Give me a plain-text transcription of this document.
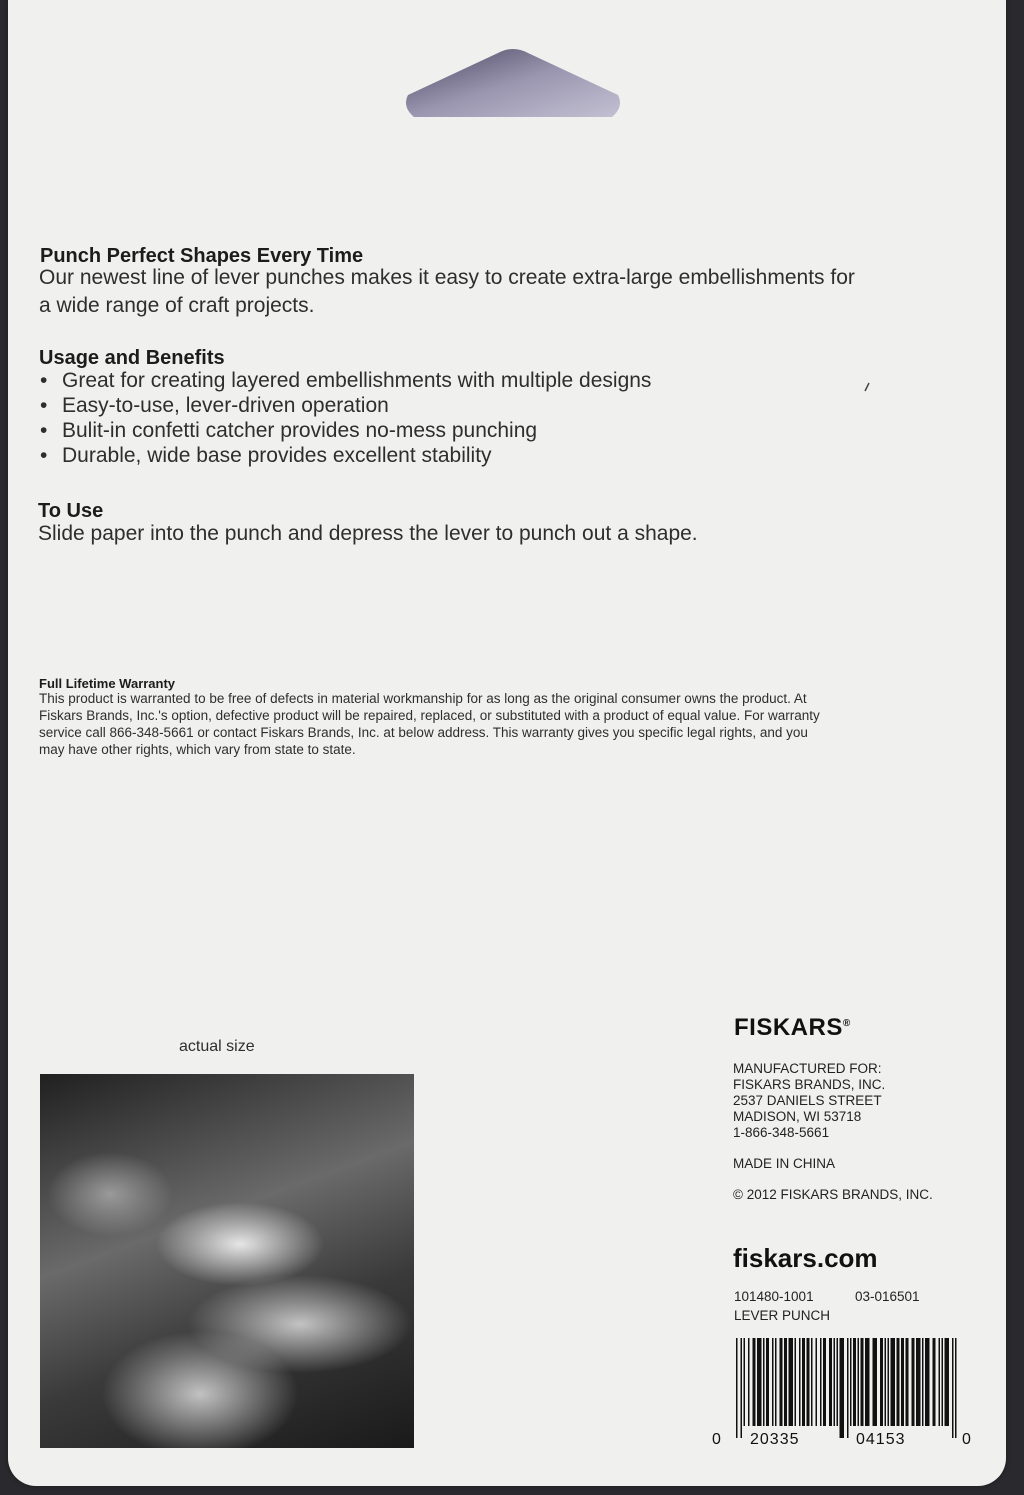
Punch Perfect Shapes Every Time
Our newest line of lever punches makes it easy to create extra-large embellishments for
a wide range of craft projects.
Usage and Benefits
• Great for creating layered embellishments with multiple designs
• Easy-to-use, lever-driven operation
• Bulit-in confetti catcher provides no-mess punching
• Durable, wide base provides excellent stability
To Use
Slide paper into the punch and depress the lever to punch out a shape.
Full Lifetime Warranty
This product is warranted to be free of defects in material workmanship for as long as the original consumer owns the product. At
Fiskars Brands, Inc.'s option, defective product will be repaired, replaced, or substituted with a product of equal value. For warranty
service call 866-348-5661 or contact Fiskars Brands, Inc. at below address. This warranty gives you specific legal rights, and you
may have other rights, which vary from state to state.
actual size
FISKARS®
MANUFACTURED FOR:
FISKARS BRANDS, INC.
2537 DANIELS STREET
MADISON, WI 53718
1-866-348-5661
MADE IN CHINA
© 2012 FISKARS BRANDS, INC.
fiskars.com
101480-1001	03-016501
LEVER PUNCH
0 20335	04153	0
